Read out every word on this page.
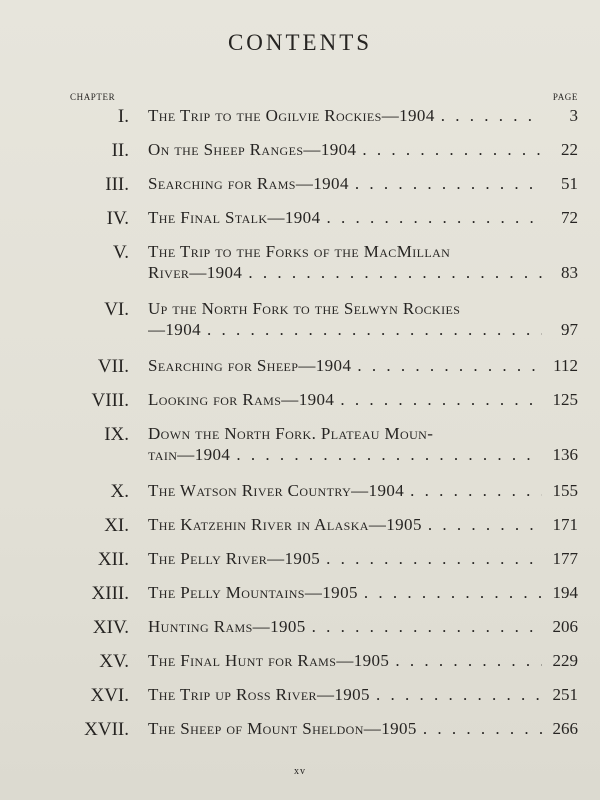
CONTENTS
CHAPTER	PAGE
I. The Trip to the Ogilvie Rockies—1904 . . .	3
II. On the Sheep Ranges—1904 . . .	22
III. Searching for Rams—1904 . . .	51
IV. The Final Stalk—1904 . . .	72
V. The Trip to the Forks of the MacMillan
River—1904 . . .	83
VI. Up the North Fork to the Selwyn Rockies
—1904 . . .	97
VII. Searching for Sheep—1904 . . .	112
VIII. Looking for Rams—1904 . . .	125
IX. Down the North Fork. Plateau Moun-
tain—1904 . . .	136
X. The Watson River Country—1904 . . .	155
XI. The Katzehin River in Alaska—1905 . . .	171
XII. The Pelly River—1905 . . .	177
XIII. The Pelly Mountains—1905 . . .	194
XIV. Hunting Rams—1905 . . .	206
XV. The Final Hunt for Rams—1905 . . .	229
XVI. The Trip up Ross River—1905 . . .	251
XVII. The Sheep of Mount Sheldon—1905 . . .	266
xv
